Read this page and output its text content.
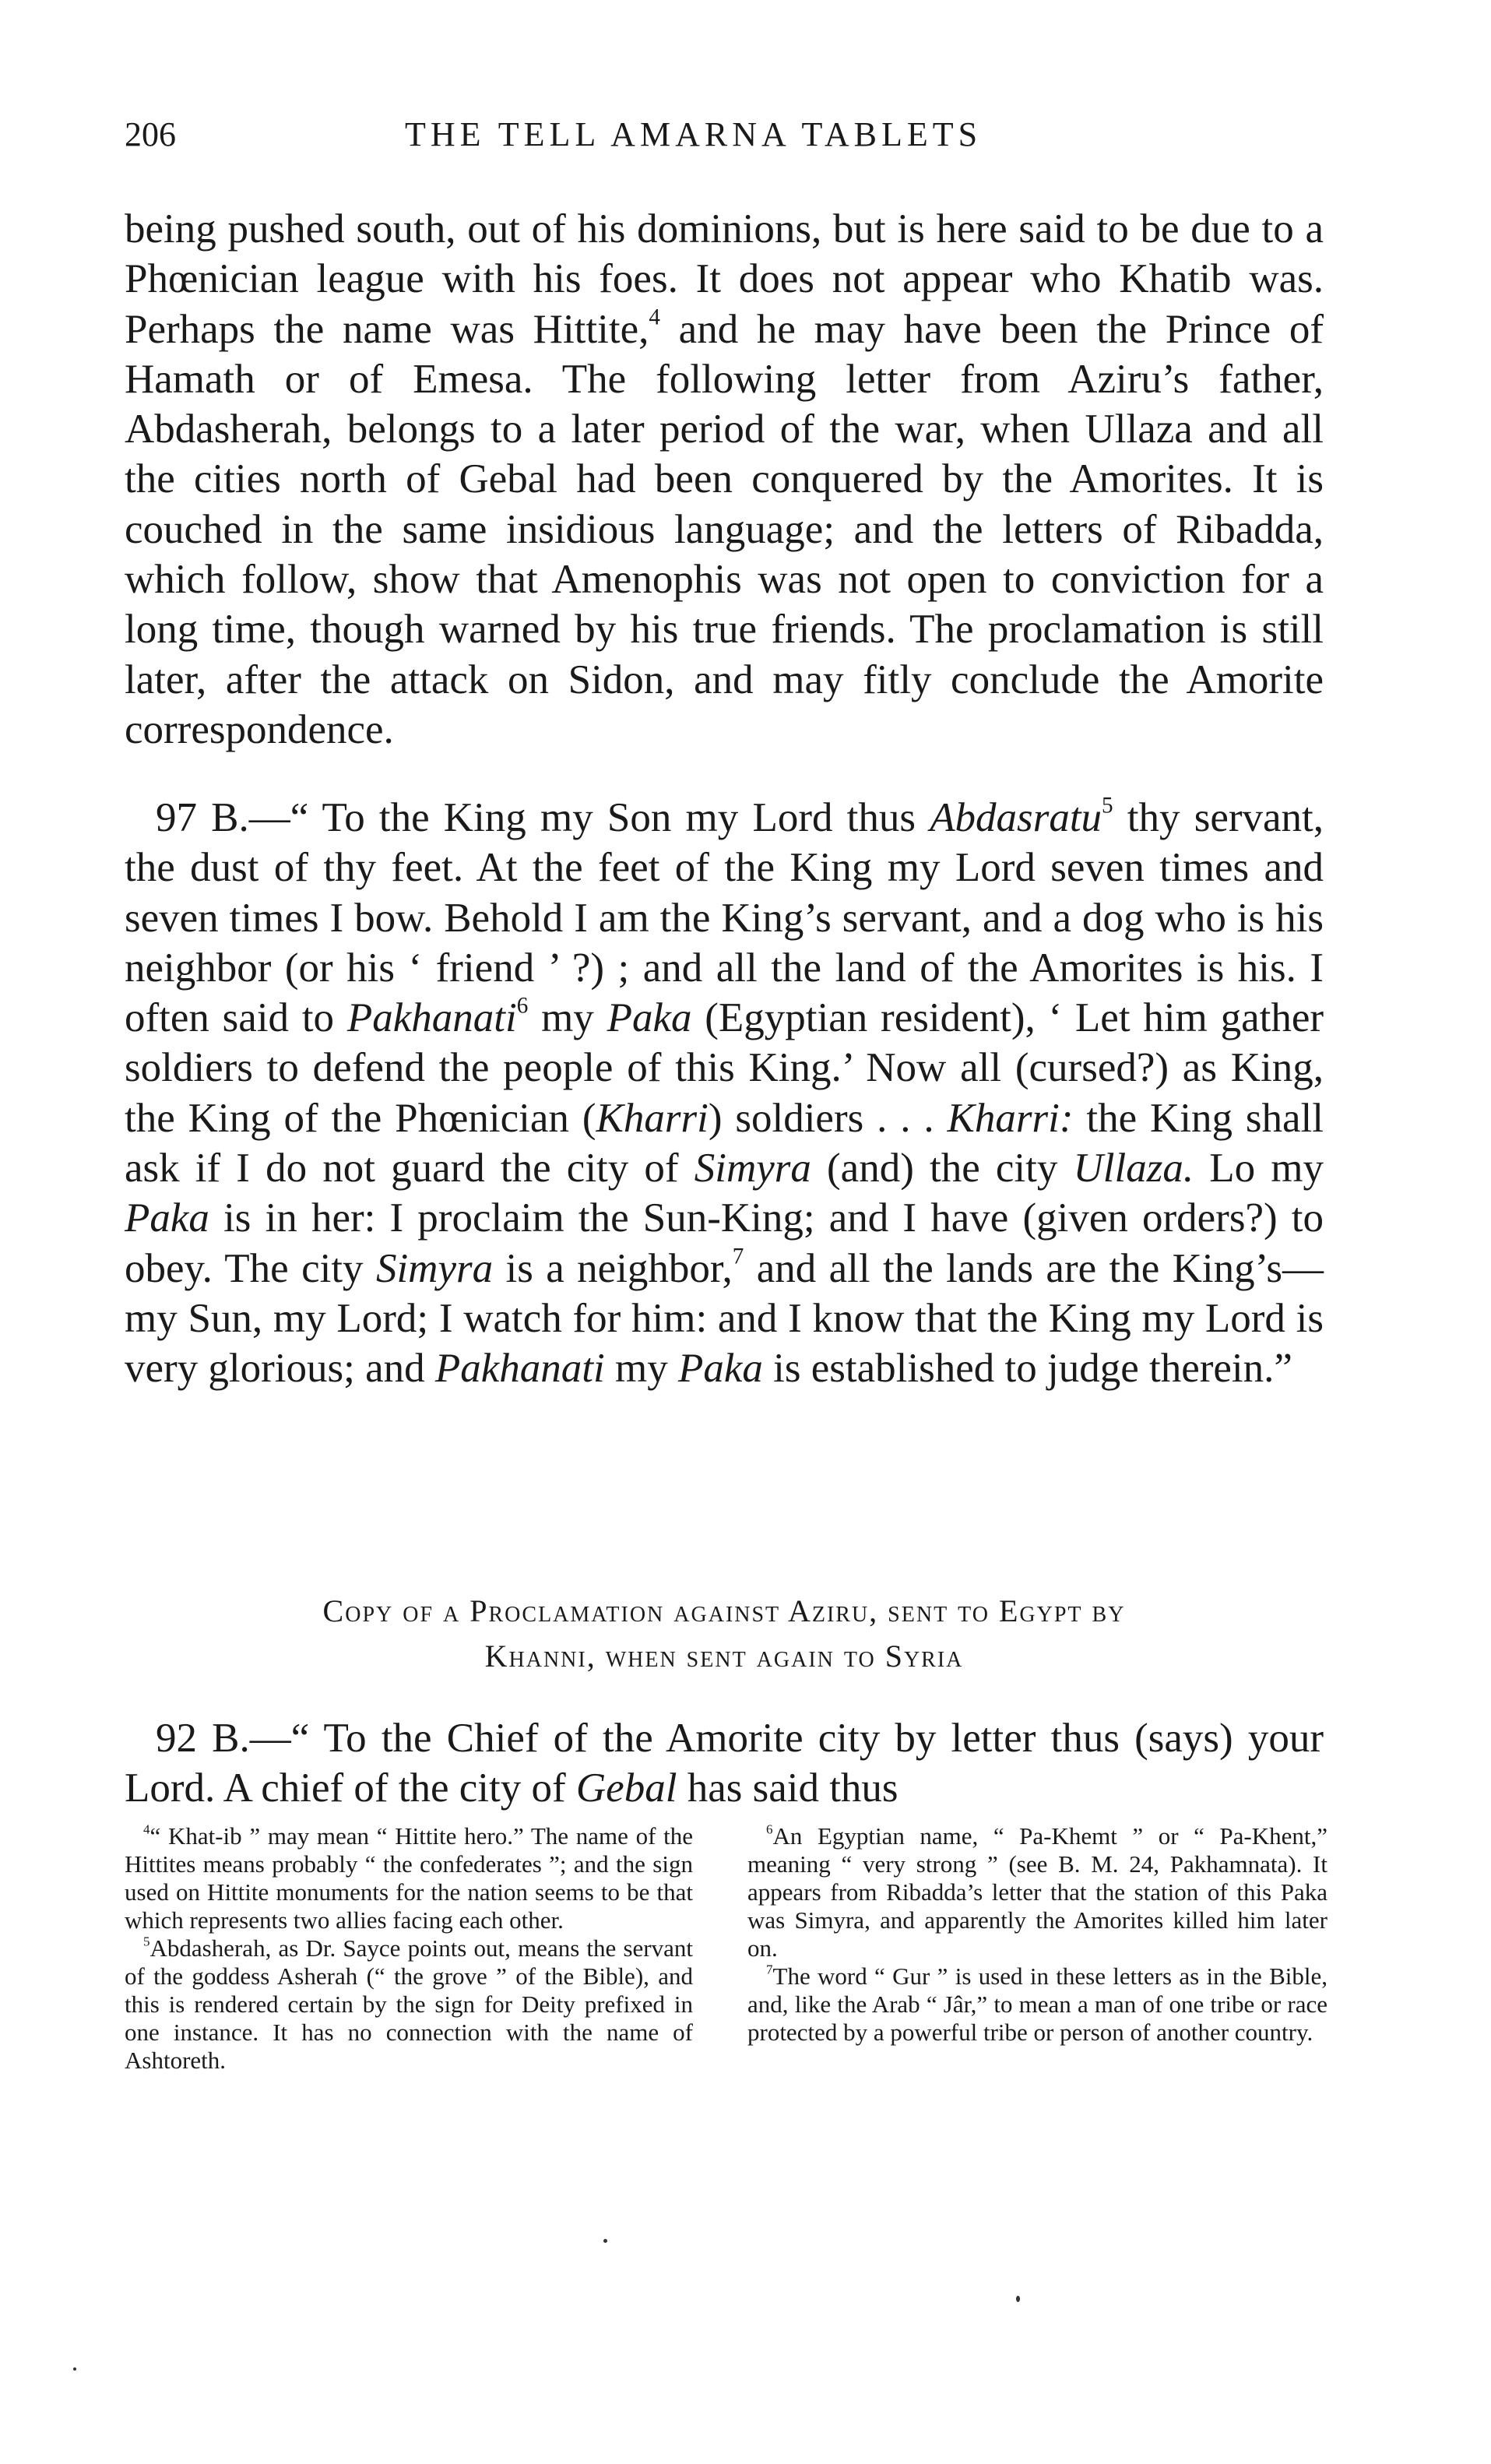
206	THE TELL AMARNA TABLETS

being pushed south, out of his dominions, but is here said to be due to a Phœnician league with his foes. It does not appear who Khatib was. Perhaps the name was Hittite,$^4$ and he may have been the Prince of Hamath or of Emesa. The following letter from Aziru’s father, Abdasherah, belongs to a later period of the war, when Ullaza and all the cities north of Gebal had been conquered by the Amorites. It is couched in the same insidious language; and the letters of Ribadda, which follow, show that Amenophis was not open to conviction for a long time, though warned by his true friends. The proclamation is still later, after the attack on Sidon, and may fitly conclude the Amorite correspondence.

97 B.—“ To the King my Son my Lord thus Abdasratu$^5$ thy servant, the dust of thy feet. At the feet of the King my Lord seven times and seven times I bow. Behold I am the King’s servant, and a dog who is his neighbor (or his ‘ friend ’ ?) ; and all the land of the Amorites is his. I often said to Pakhanati$^6$ my Paka (Egyptian resident), ‘ Let him gather soldiers to defend the people of this King.’ Now all (cursed?) as King, the King of the Phœnician (Kharri) soldiers . . . Kharri: the King shall ask if I do not guard the city of Simyra (and) the city Ullaza. Lo my Paka is in her: I proclaim the Sun-King; and I have (given orders?) to obey. The city Simyra is a neighbor,$^7$ and all the lands are the King’s—my Sun, my Lord; I watch for him: and I know that the King my Lord is very glorious; and Pakhanati my Paka is established to judge therein.”

Copy of a Proclamation against Aziru, sent to Egypt by
Khanni, when sent again to Syria

92 B.—“ To the Chief of the Amorite city by letter thus (says) your Lord. A chief of the city of Gebal has said thus

$^4$“ Khat-ib ” may mean “ Hittite hero.” The name of the Hittites means probably “ the confederates ”; and the sign used on Hittite monuments for the nation seems to be that which represents two allies facing each other.

$^5$Abdasherah, as Dr. Sayce points out, means the servant of the goddess Asherah (“ the grove ” of the Bible), and this is rendered certain by the sign for Deity prefixed in one instance. It has no connection with the name of Ashtoreth.

$^6$An Egyptian name, “ Pa-Khemt ” or “ Pa-Khent,” meaning “ very strong ” (see B. M. 24, Pakhamnata). It appears from Ribadda’s letter that the station of this Paka was Simyra, and apparently the Amorites killed him later on.

$^7$The word “ Gur ” is used in these letters as in the Bible, and, like the Arab “ Jâr,” to mean a man of one tribe or race protected by a powerful tribe or person of another country.
